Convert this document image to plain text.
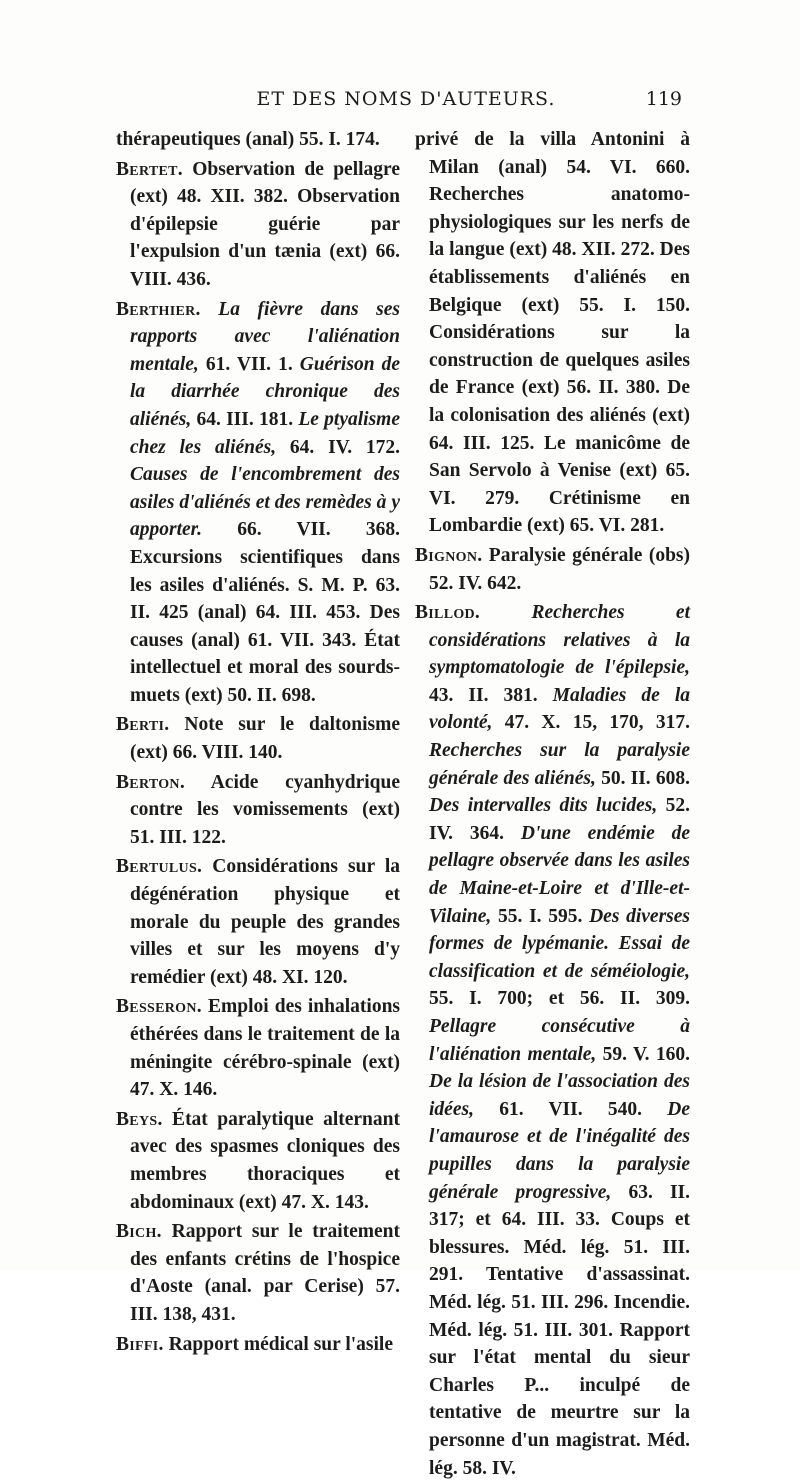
ET DES NOMS D'AUTEURS.	119

thérapeutiques (anal) 55. I. 174.

Bertet. Observation de pellagre (ext) 48. XII. 382. Observation d'épilepsie guérie par l'expulsion d'un tænia (ext) 66. VIII. 436.

Berthier. La fièvre dans ses rapports avec l'aliénation mentale, 61. VII. 1. Guérison de la diarrhée chronique des aliénés, 64. III. 181. Le ptyalisme chez les aliénés, 64. IV. 172. Causes de l'encombrement des asiles d'aliénés et des remèdes à y apporter. 66. VII. 368. Excursions scientifiques dans les asiles d'aliénés. S. M. P. 63. II. 425 (anal) 64. III. 453. Des causes (anal) 61. VII. 343. État intellectuel et moral des sourds-muets (ext) 50. II. 698.

Berti. Note sur le daltonisme (ext) 66. VIII. 140.

Berton. Acide cyanhydrique contre les vomissements (ext) 51. III. 122.

Bertulus. Considérations sur la dégénération physique et morale du peuple des grandes villes et sur les moyens d'y remédier (ext) 48. XI. 120.

Besseron. Emploi des inhalations éthérées dans le traitement de la méningite cérébro-spinale (ext) 47. X. 146.

Beys. État paralytique alternant avec des spasmes cloniques des membres thoraciques et abdominaux (ext) 47. X. 143.

Bich. Rapport sur le traitement des enfants crétins de l'hospice d'Aoste (anal. par Cerise) 57. III. 138, 431.

Biffi. Rapport médical sur l'asile

privé de la villa Antonini à Milan (anal) 54. VI. 660. Recherches anatomo-physiologiques sur les nerfs de la langue (ext) 48. XII. 272. Des établissements d'aliénés en Belgique (ext) 55. I. 150. Considérations sur la construction de quelques asiles de France (ext) 56. II. 380. De la colonisation des aliénés (ext) 64. III. 125. Le manicôme de San Servolo à Venise (ext) 65. VI. 279. Crétinisme en Lombardie (ext) 65. VI. 281.

Bignon. Paralysie générale (obs) 52. IV. 642.

Billod.	Recherches et considérations relatives à la symptomatologie de l'épilepsie, 43. II. 381. Maladies de la volonté, 47. X. 15, 170, 317. Recherches sur la paralysie générale des aliénés, 50. II. 608. Des intervalles dits lucides, 52. IV. 364. D'une endémie de pellagre observée dans les asiles de Maine-et-Loire et d'Ille-et-Vilaine, 55. I. 595. Des diverses formes de lypémanie. Essai de classification et de séméiologie, 55. I. 700; et 56. II. 309. Pellagre consécutive à l'aliénation mentale, 59. V. 160. De la lésion de l'association des idées, 61. VII. 540. De l'amaurose et de l'inégalité des pupilles dans la paralysie générale progressive, 63. II. 317; et 64. III. 33. Coups et blessures. Méd. lég. 51. III. 291. Tentative d'assassinat. Méd. lég. 51. III. 296. Incendie. Méd. lég. 51. III. 301. Rapport sur l'état mental du sieur Charles P... inculpé de tentative de meurtre sur la personne d'un magistrat. Méd. lég. 58. IV.
